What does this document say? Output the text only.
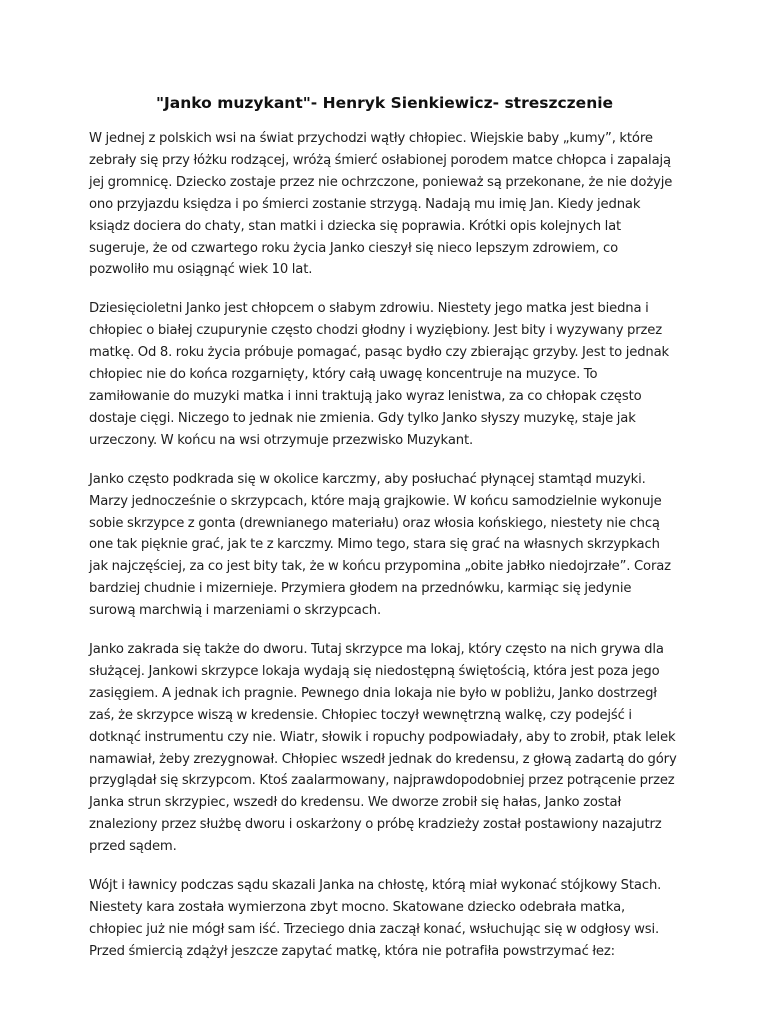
"Janko muzykant"- Henryk Sienkiewicz- streszczenie

W jednej z polskich wsi na świat przychodzi wątły chłopiec. Wiejskie baby „kumy”, które zebrały się przy łóżku rodzącej, wróżą śmierć osłabionej porodem matce chłopca i zapalają jej gromnicę. Dziecko zostaje przez nie ochrzczone, ponieważ są przekonane, że nie dożyje ono przyjazdu księdza i po śmierci zostanie strzygą. Nadają mu imię Jan. Kiedy jednak ksiądz dociera do chaty, stan matki i dziecka się poprawia. Krótki opis kolejnych lat sugeruje, że od czwartego roku życia Janko cieszył się nieco lepszym zdrowiem, co pozwoliło mu osiągnąć wiek 10 lat.

Dziesięcioletni Janko jest chłopcem o słabym zdrowiu. Niestety jego matka jest biedna i chłopiec o białej czupurynie często chodzi głodny i wyziębiony. Jest bity i wyzywany przez matkę. Od 8. roku życia próbuje pomagać, pasąc bydło czy zbierając grzyby. Jest to jednak chłopiec nie do końca rozgarnięty, który całą uwagę koncentruje na muzyce. To zamiłowanie do muzyki matka i inni traktują jako wyraz lenistwa, za co chłopak często dostaje cięgi. Niczego to jednak nie zmienia. Gdy tylko Janko słyszy muzykę, staje jak urzeczony. W końcu na wsi otrzymuje przezwisko Muzykant.

Janko często podkrada się w okolice karczmy, aby posłuchać płynącej stamtąd muzyki. Marzy jednocześnie o skrzypcach, które mają grajkowie. W końcu samodzielnie wykonuje sobie skrzypce z gonta (drewnianego materiału) oraz włosia końskiego, niestety nie chcą one tak pięknie grać, jak te z karczmy. Mimo tego, stara się grać na własnych skrzypkach jak najczęściej, za co jest bity tak, że w końcu przypomina „obite jabłko niedojrzałe”. Coraz bardziej chudnie i mizernieje. Przymiera głodem na przednówku, karmiąc się jedynie surową marchwią i marzeniami o skrzypcach.

Janko zakrada się także do dworu. Tutaj skrzypce ma lokaj, który często na nich grywa dla służącej. Jankowi skrzypce lokaja wydają się niedostępną świętością, która jest poza jego zasięgiem. A jednak ich pragnie. Pewnego dnia lokaja nie było w pobliżu, Janko dostrzegł zaś, że skrzypce wiszą w kredensie. Chłopiec toczył wewnętrzną walkę, czy podejść i dotknąć instrumentu czy nie. Wiatr, słowik i ropuchy podpowiadały, aby to zrobił, ptak lelek namawiał, żeby zrezygnował. Chłopiec wszedł jednak do kredensu, z głową zadartą do góry przyglądał się skrzypcom. Ktoś zaalarmowany, najprawdopodobniej przez potrącenie przez Janka strun skrzypiec, wszedł do kredensu. We dworze zrobił się hałas, Janko został znaleziony przez służbę dworu i oskarżony o próbę kradzieży został postawiony nazajutrz przed sądem.

Wójt i ławnicy podczas sądu skazali Janka na chłostę, którą miał wykonać stójkowy Stach. Niestety kara została wymierzona zbyt mocno. Skatowane dziecko odebrała matka, chłopiec już nie mógł sam iść. Trzeciego dnia zaczął konać, wsłuchując się w odgłosy wsi. Przed śmiercią zdążył jeszcze zapytać matkę, która nie potrafiła powstrzymać łez:
